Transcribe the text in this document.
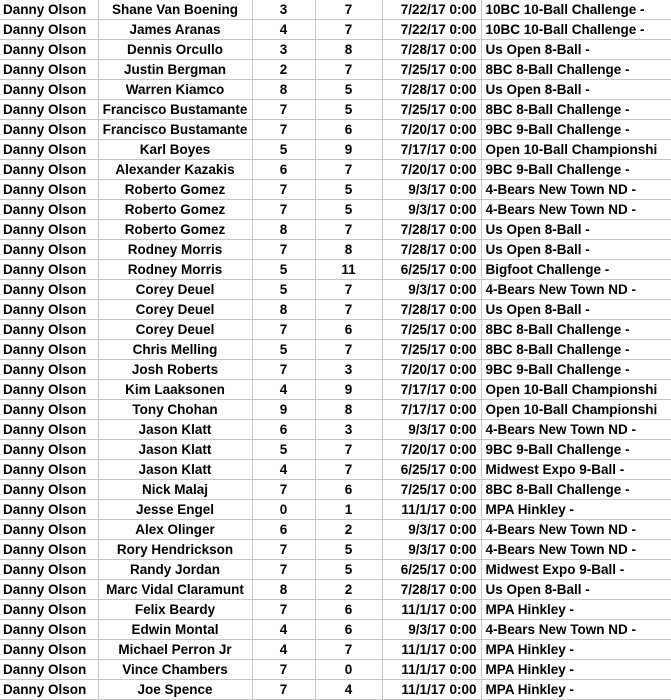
Danny Olson	Shane Van Boening	3	7	7/22/17 0:00	10BC 10-Ball Challenge -
Danny Olson	James Aranas	4	7	7/22/17 0:00	10BC 10-Ball Challenge -
Danny Olson	Dennis Orcullo	3	8	7/28/17 0:00	Us Open 8-Ball -
Danny Olson	Justin Bergman	2	7	7/25/17 0:00	8BC 8-Ball Challenge -
Danny Olson	Warren Kiamco	8	5	7/28/17 0:00	Us Open 8-Ball -
Danny Olson	Francisco Bustamante	7	5	7/25/17 0:00	8BC 8-Ball Challenge -
Danny Olson	Francisco Bustamante	7	6	7/20/17 0:00	9BC 9-Ball Challenge -
Danny Olson	Karl Boyes	5	9	7/17/17 0:00	Open 10-Ball Championshi
Danny Olson	Alexander Kazakis	6	7	7/20/17 0:00	9BC 9-Ball Challenge -
Danny Olson	Roberto Gomez	7	5	9/3/17 0:00	4-Bears New Town ND -
Danny Olson	Roberto Gomez	7	5	9/3/17 0:00	4-Bears New Town ND -
Danny Olson	Roberto Gomez	8	7	7/28/17 0:00	Us Open 8-Ball -
Danny Olson	Rodney Morris	7	8	7/28/17 0:00	Us Open 8-Ball -
Danny Olson	Rodney Morris	5	11	6/25/17 0:00	Bigfoot Challenge -
Danny Olson	Corey Deuel	5	7	9/3/17 0:00	4-Bears New Town ND -
Danny Olson	Corey Deuel	8	7	7/28/17 0:00	Us Open 8-Ball -
Danny Olson	Corey Deuel	7	6	7/25/17 0:00	8BC 8-Ball Challenge -
Danny Olson	Chris Melling	5	7	7/25/17 0:00	8BC 8-Ball Challenge -
Danny Olson	Josh Roberts	7	3	7/20/17 0:00	9BC 9-Ball Challenge -
Danny Olson	Kim Laaksonen	4	9	7/17/17 0:00	Open 10-Ball Championshi
Danny Olson	Tony Chohan	9	8	7/17/17 0:00	Open 10-Ball Championshi
Danny Olson	Jason Klatt	6	3	9/3/17 0:00	4-Bears New Town ND -
Danny Olson	Jason Klatt	5	7	7/20/17 0:00	9BC 9-Ball Challenge -
Danny Olson	Jason Klatt	4	7	6/25/17 0:00	Midwest Expo 9-Ball -
Danny Olson	Nick Malaj	7	6	7/25/17 0:00	8BC 8-Ball Challenge -
Danny Olson	Jesse Engel	0	1	11/1/17 0:00	MPA Hinkley -
Danny Olson	Alex Olinger	6	2	9/3/17 0:00	4-Bears New Town ND -
Danny Olson	Rory Hendrickson	7	5	9/3/17 0:00	4-Bears New Town ND -
Danny Olson	Randy Jordan	7	5	6/25/17 0:00	Midwest Expo 9-Ball -
Danny Olson	Marc Vidal Claramunt	8	2	7/28/17 0:00	Us Open 8-Ball -
Danny Olson	Felix Beardy	7	6	11/1/17 0:00	MPA Hinkley -
Danny Olson	Edwin Montal	4	6	9/3/17 0:00	4-Bears New Town ND -
Danny Olson	Michael Perron Jr	4	7	11/1/17 0:00	MPA Hinkley -
Danny Olson	Vince Chambers	7	0	11/1/17 0:00	MPA Hinkley -
Danny Olson	Joe Spence	7	4	11/1/17 0:00	MPA Hinkley -
